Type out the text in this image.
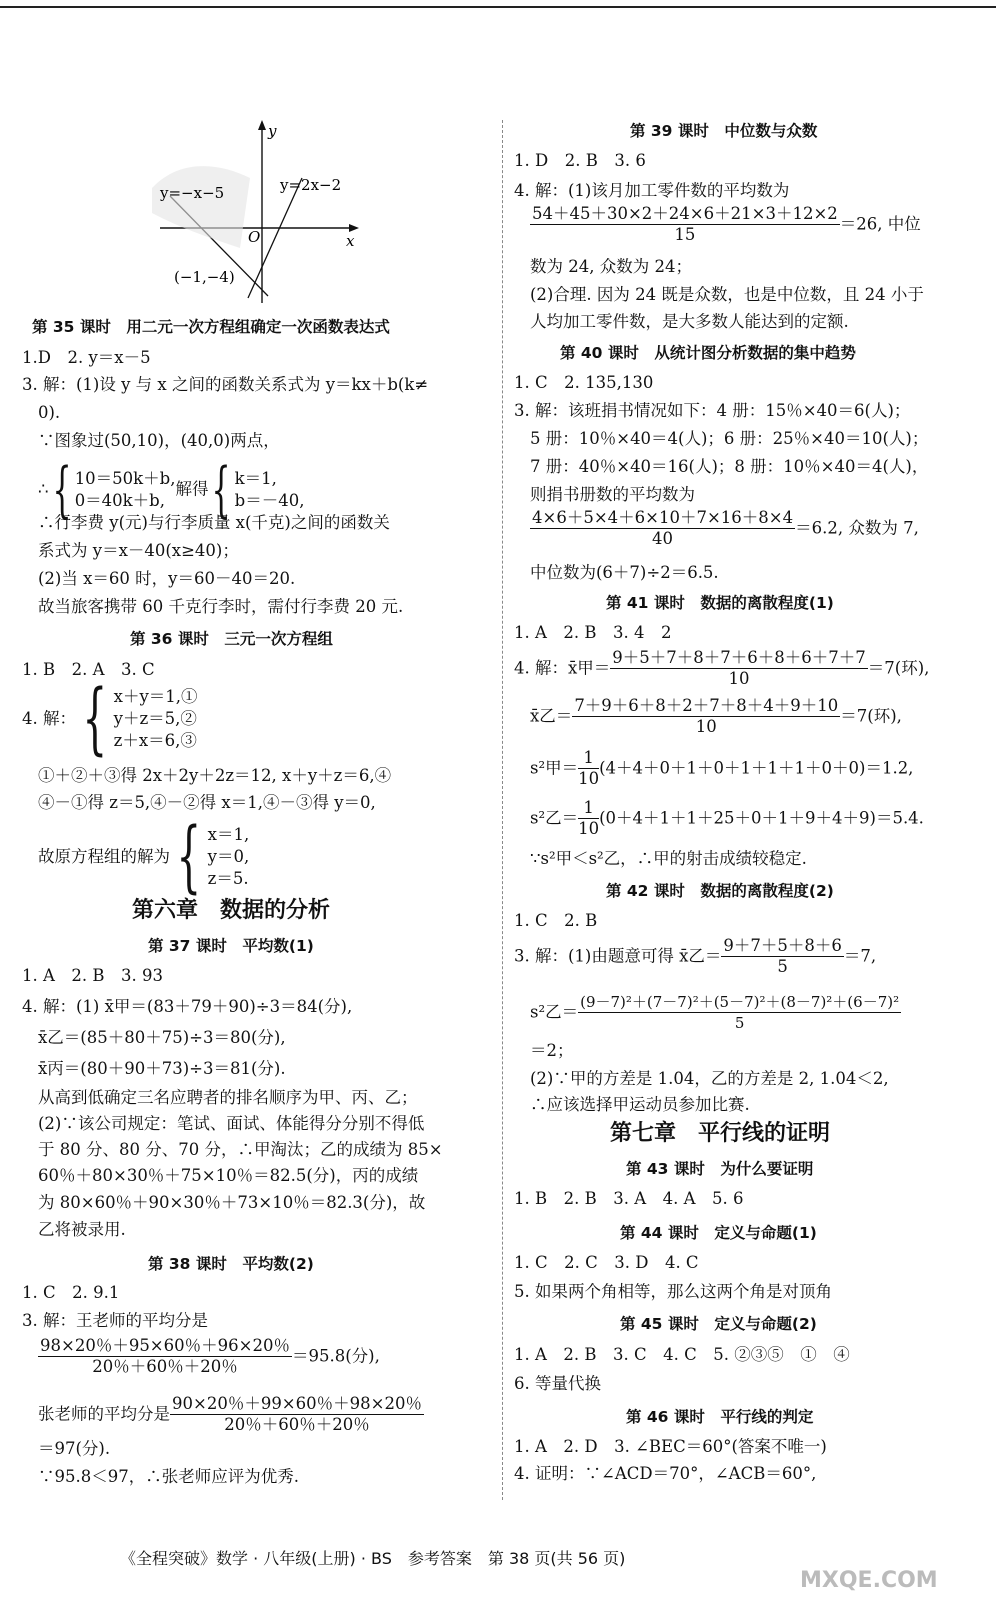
y
x
O
y=2x−2
y=−x−5
(−1,−4)
第 35 课时　用二元一次方程组确定一次函数表达式
1.D　2. y＝x－5
3. 解：(1)设 y 与 x 之间的函数关系式为 y＝kx＋b(k≠
0).
∵图象过(50,10)，(40,0)两点，
∴{ 10＝50k＋b,
0＝40k＋b,
解得{ k＝1,
b＝－40,
∴行李费 y(元)与行李质量 x(千克)之间的函数关
系式为 y＝x－40(x≥40)；
(2)当 x＝60 时，y＝60－40＝20.
故当旅客携带 60 千克行李时，需付行李费 20 元.
第 36 课时　三元一次方程组
1. B　2. A　3. C
4. 解：{ x＋y＝1,①
y＋z＝5,②
z＋x＝6,③
①＋②＋③得 2x＋2y＋2z＝12, x＋y＋z＝6,④
④－①得 z＝5,④－②得 x＝1,④－③得 y＝0,
故原方程组的解为{ x＝1,
y＝0,
z＝5.
第六章　数据的分析
第 37 课时　平均数(1)
1. A　2. B　3. 93
4. 解：(1) x̄甲＝(83＋79＋90)÷3＝84(分),
x̄乙＝(85＋80＋75)÷3＝80(分),
x̄丙＝(80＋90＋73)÷3＝81(分).
从高到低确定三名应聘者的排名顺序为甲、丙、乙；
(2)∵该公司规定：笔试、面试、体能得分分别不得低
于 80 分、80 分、70 分，∴甲淘汰；乙的成绩为 85×
60％＋80×30％＋75×10％＝82.5(分)，丙的成绩
为 80×60％＋90×30％＋73×10％＝82.3(分)，故
乙将被录用.
第 38 课时　平均数(2)
1. C　2. 9.1
3. 解：王老师的平均分是
$\frac{98\times 20\%+95\times 60\%+96\times 20\%}{20\%+60\%+20\%} =95.8$(分),
张老师的平均分是 $\frac{90\times 20\%+99\times 60\%+98\times 20\%}{20\%+60\%+20\%}$
＝97(分).
∵95.8＜97，∴张老师应评为优秀.
第 39 课时　中位数与众数
1. D　2. B　3. 6
4. 解：(1)该月加工零件数的平均数为
$\frac{54+45+30\times 2+24\times 6+21\times 3+12\times 2}{15} =26$, 中位
数为 24, 众数为 24；
(2)合理. 因为 24 既是众数，也是中位数，且 24 小于
人均加工零件数，是大多数人能达到的定额.
第 40 课时　从统计图分析数据的集中趋势
1. C　2. 135,130
3. 解：该班捐书情况如下：4 册：15％×40＝6(人)；
5 册：10％×40＝4(人)；6 册：25％×40＝10(人)；
7 册：40％×40＝16(人)；8 册：10％×40＝4(人)，
则捐书册数的平均数为
$\frac{4\times 6+5\times 4+6\times 10+7\times 16+8\times 4}{40} =6.2$, 众数为 7,
中位数为(6＋7)÷2＝6.5.
第 41 课时　数据的离散程度(1)
1. A　2. B　3. 4　2
4. 解：x̄甲＝ $\frac{9+5+7+8+7+6+8+6+7+7}{10} =7$(环),
x̄乙＝ $\frac{7+9+6+8+2+7+8+4+9+10}{10} =7$(环),
s²甲＝ $\frac{1}{10} (4+4+0+1+0+1+1+1+0+0)=1.2$,
s²乙＝ $\frac{1}{10} (0+4+1+1+25+0+1+9+4+9)=5.4$.
∵s²甲＜s²乙，∴甲的射击成绩较稳定.
第 42 课时　数据的离散程度(2)
1. C　2. B
3. 解：(1)由题意可得 x̄乙＝ $\frac{9+7+5+8+6}{5} =7$,
s²乙＝ $\frac{\text{(9－7)²＋(7－7)²＋(5－7)²＋(8－7)²＋(6－7)²}}{5}$
＝2；
(2)∵甲的方差是 1.04，乙的方差是 2, 1.04＜2,
∴应该选择甲运动员参加比赛.
第七章　平行线的证明
第 43 课时　为什么要证明
1. B　2. B　3. A　4. A　5. 6
第 44 课时　定义与命题(1)
1. C　2. C　3. D　4. C
5. 如果两个角相等，那么这两个角是对顶角
第 45 课时　定义与命题(2)
1. A　2. B　3. C　4. C　5. ②③⑤　①　④
6. 等量代换
第 46 课时　平行线的判定
1. A　2. D　3. ∠BEC＝60°(答案不唯一)
4. 证明：∵∠ACD＝70°，∠ACB＝60°,
《全程突破》数学 · 八年级(上册) · BS　参考答案　第 38 页(共 56 页)
MXQE.COM
